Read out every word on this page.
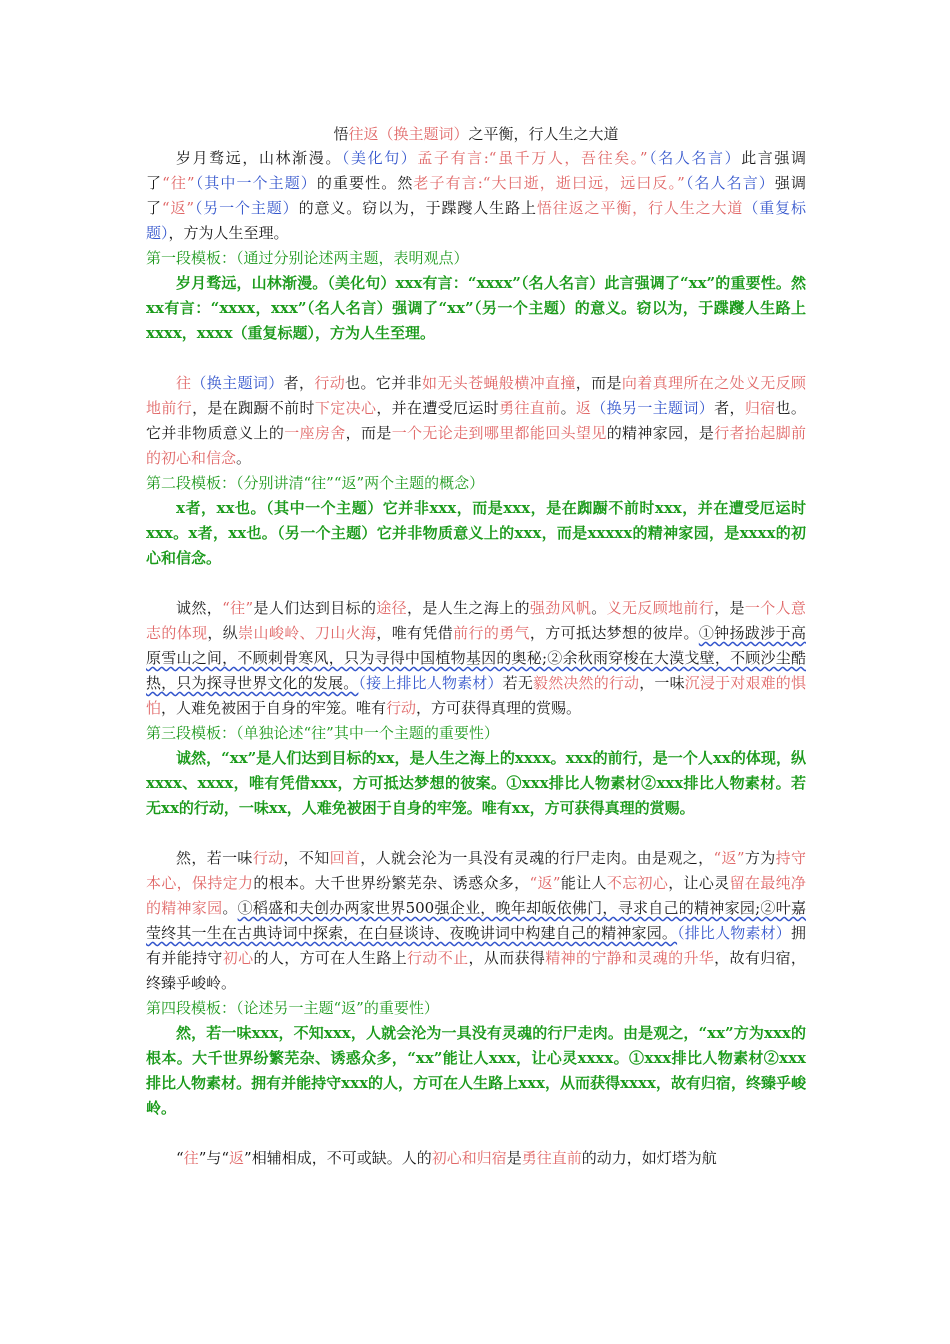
悟往返（换主题词）之平衡，行人生之大道

岁月骛远，山林渐漫。（美化句）孟子有言:“虽千万人，吾往矣。”（名人名言）此言强调了“往”（其中一个主题）的重要性。然老子有言:“大曰逝，逝曰远，远曰反。”（名人名言）强调了“返”（另一个主题）的意义。窃以为，于蹀躞人生路上悟往返之平衡，行人生之大道（重复标题），方为人生至理。

第一段模板：（通过分别论述两主题，表明观点）

岁月骛远，山林渐漫。（美化句）xxx有言：“xxxx”（名人名言）此言强调了“xx”的重要性。然xx有言：“xxxx，xxx”（名人名言）强调了“xx”（另一个主题）的意义。窃以为，于蹀躞人生路上xxxx，xxxx（重复标题），方为人生至理。

往（换主题词）者，行动也。它并非如无头苍蝇般横冲直撞，而是向着真理所在之处义无反顾地前行，是在踟蹰不前时下定决心，并在遭受厄运时勇往直前。返（换另一主题词）者，归宿也。它并非物质意义上的一座房舍，而是一个无论走到哪里都能回头望见的精神家园，是行者抬起脚前的初心和信念。

第二段模板：（分别讲清“往”“返”两个主题的概念）

x者，xx也。（其中一个主题）它并非xxx，而是xxx，是在踟蹰不前时xxx，并在遭受厄运时xxx。x者，xx也。（另一个主题）它并非物质意义上的xxx，而是xxxxx的精神家园，是xxxx的初心和信念。

诚然，“往”是人们达到目标的途径，是人生之海上的强劲风帆。义无反顾地前行，是一个人意志的体现，纵崇山峻岭、刀山火海，唯有凭借前行的勇气，方可抵达梦想的彼岸。①钟扬跋涉于高原雪山之间，不顾刺骨寒风，只为寻得中国植物基因的奥秘;②余秋雨穿梭在大漠戈壁，不顾沙尘酷热，只为探寻世界文化的发展。（接上排比人物素材）若无毅然决然的行动，一味沉浸于对艰难的惧怕，人难免被困于自身的牢笼。唯有行动，方可获得真理的赏赐。

第三段模板：（单独论述“往”其中一个主题的重要性）

诚然，“xx”是人们达到目标的xx，是人生之海上的xxxx。xxx的前行，是一个人xx的体现，纵xxxx、xxxx，唯有凭借xxx，方可抵达梦想的彼案。①xxx排比人物素材②xxx排比人物素材。若无xx的行动，一味xx，人难免被困于自身的牢笼。唯有xx，方可获得真理的赏赐。

然，若一味行动，不知回首，人就会沦为一具没有灵魂的行尸走肉。由是观之，“返”方为持守本心，保持定力的根本。大千世界纷繁芜杂、诱惑众多，“返”能让人不忘初心，让心灵留在最纯净的精神家园。①稻盛和夫创办两家世界500强企业，晚年却皈依佛门，寻求自己的精神家园;②叶嘉莹终其一生在古典诗词中探索，在白昼谈诗、夜晚讲词中构建自己的精神家园。（排比人物素材）拥有并能持守初心的人，方可在人生路上行动不止，从而获得精神的宁静和灵魂的升华，故有归宿，终臻乎峻岭。

第四段模板：（论述另一主题“返”的重要性）

然，若一味xxx，不知xxx，人就会沦为一具没有灵魂的行尸走肉。由是观之，“xx”方为xxx的根本。大千世界纷繁芜杂、诱惑众多，“xx”能让人xxx，让心灵xxxx。①xxx排比人物素材②xxx排比人物素材。拥有并能持守xxx的人，方可在人生路上xxx，从而获得xxxx，故有归宿，终臻乎峻岭。

“往”与“返”相辅相成，不可或缺。人的初心和归宿是勇往直前的动力，如灯塔为航
